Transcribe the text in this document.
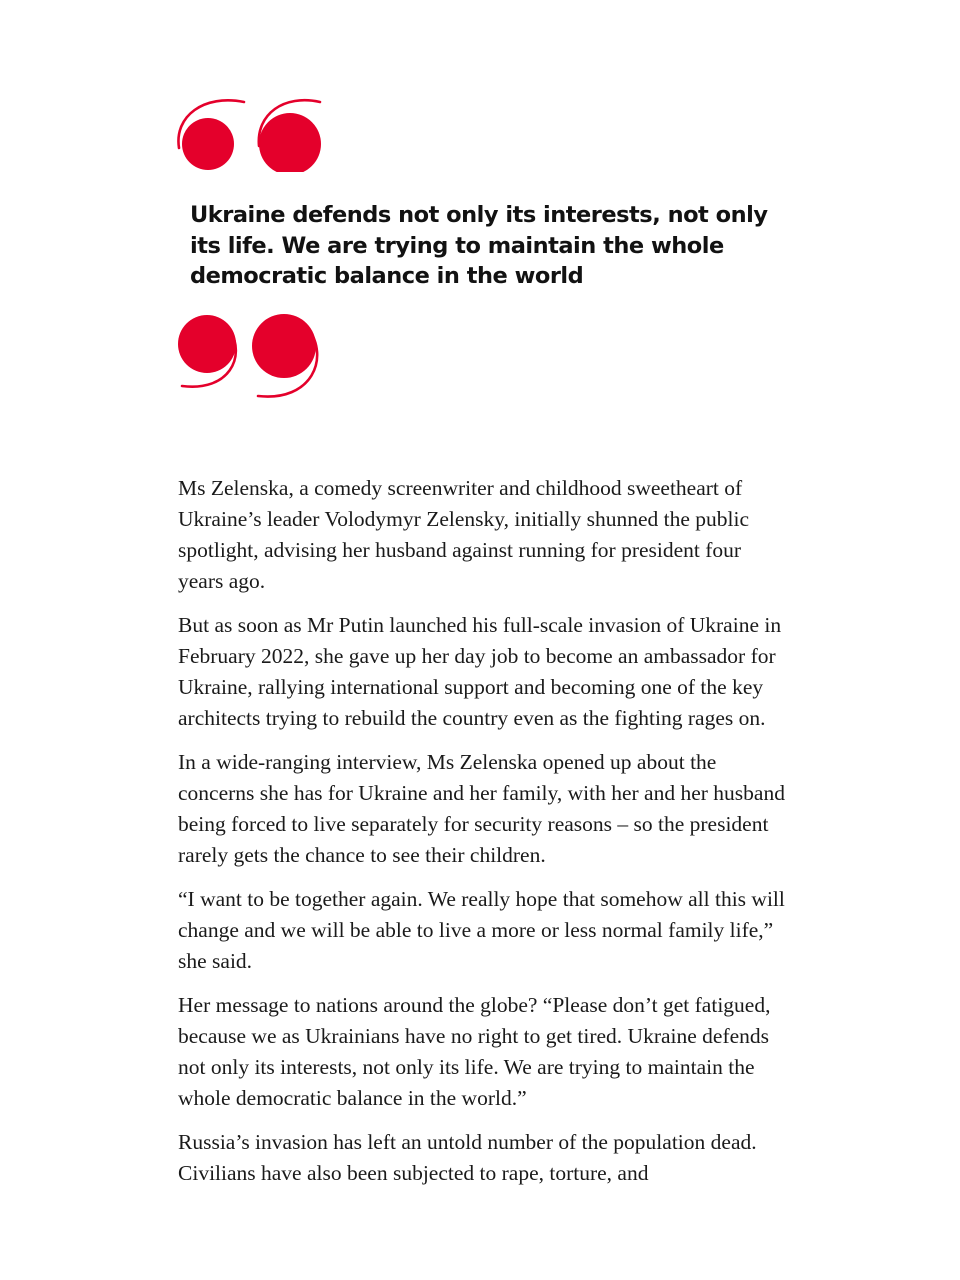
Ukraine defends not only its interests, not only its life. We are trying to maintain the whole democratic balance in the world

Ms Zelenska, a comedy screenwriter and childhood sweetheart of Ukraine’s leader Volodymyr Zelensky, initially shunned the public spotlight, advising her husband against running for president four years ago.

But as soon as Mr Putin launched his full-scale invasion of Ukraine in February 2022, she gave up her day job to become an ambassador for Ukraine, rallying international support and becoming one of the key architects trying to rebuild the country even as the fighting rages on.

In a wide-ranging interview, Ms Zelenska opened up about the concerns she has for Ukraine and her family, with her and her husband being forced to live separately for security reasons – so the president rarely gets the chance to see their children.

“I want to be together again. We really hope that somehow all this will change and we will be able to live a more or less normal family life,” she said.

Her message to nations around the globe? “Please don’t get fatigued, because we as Ukrainians have no right to get tired. Ukraine defends not only its interests, not only its life. We are trying to maintain the whole democratic balance in the world.”

Russia’s invasion has left an untold number of the population dead. Civilians have also been subjected to rape, torture, and
